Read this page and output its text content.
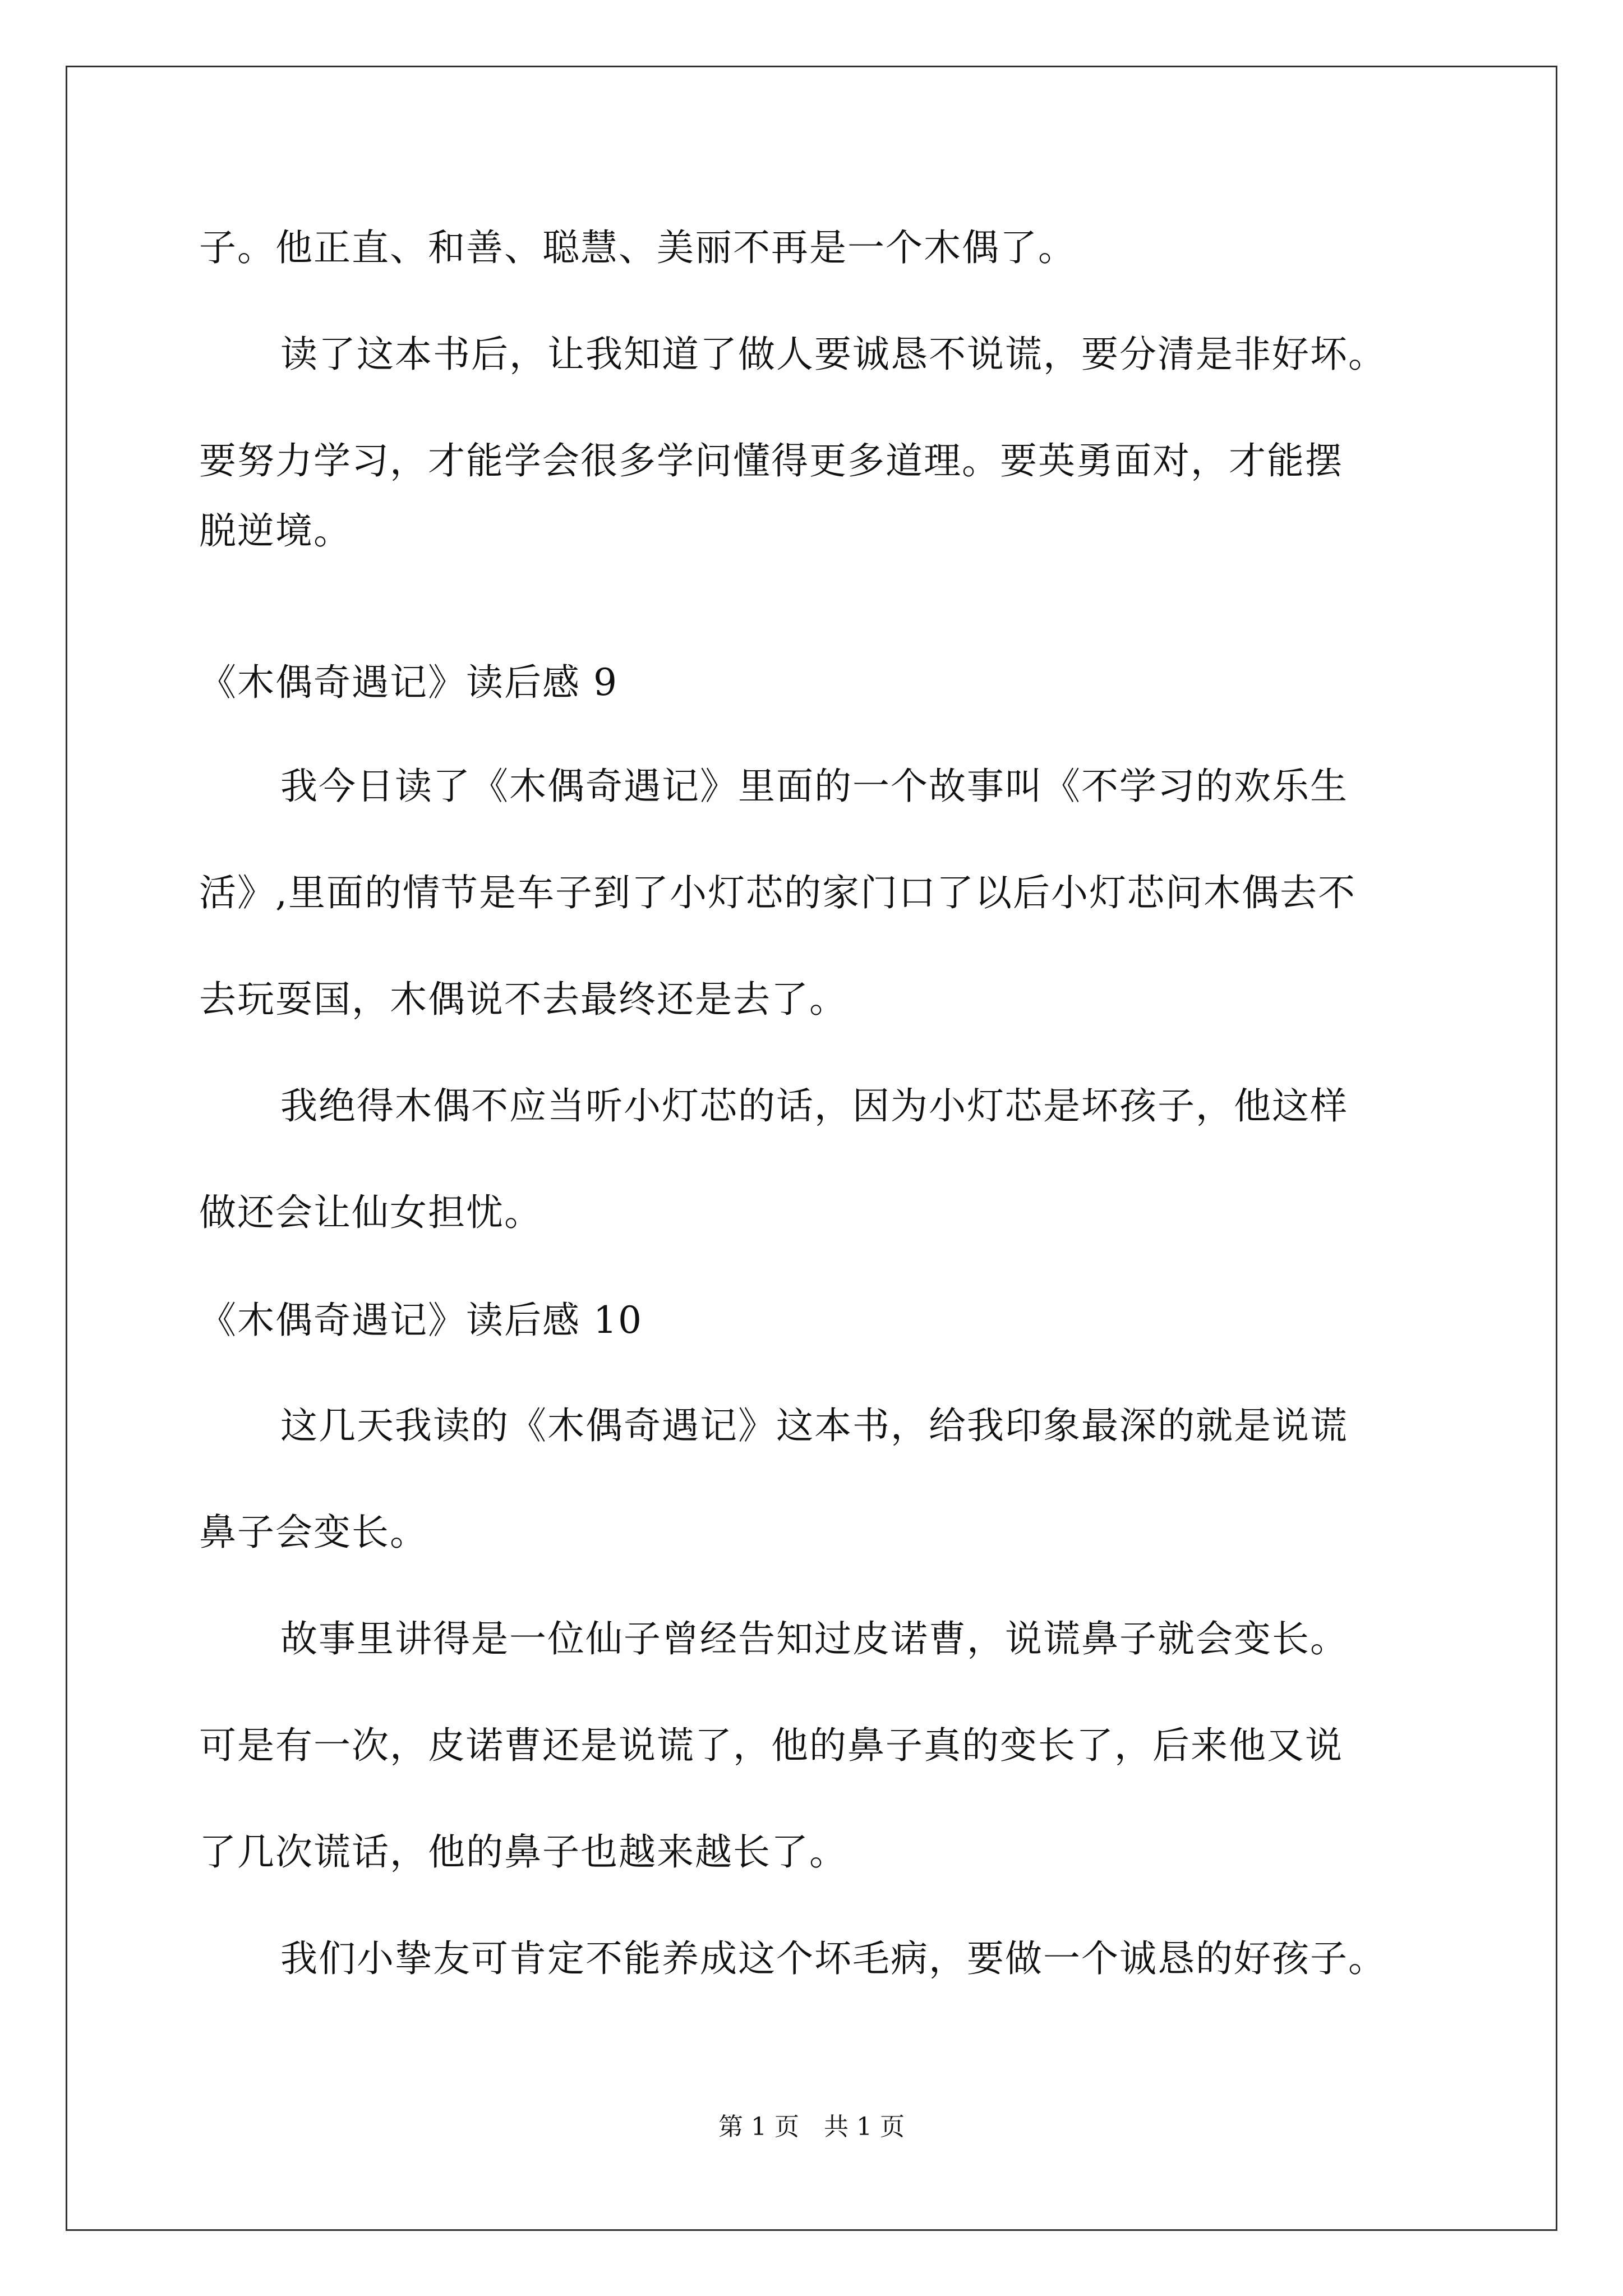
子。他正直、和善、聪慧、美丽不再是一个木偶了。
读了这本书后，让我知道了做人要诚恳不说谎，要分清是非好坏。
要努力学习，才能学会很多学问懂得更多道理。要英勇面对，才能摆
脱逆境。
《木偶奇遇记》读后感 9
我今日读了《木偶奇遇记》里面的一个故事叫《不学习的欢乐生
活》,里面的情节是车子到了小灯芯的家门口了以后小灯芯问木偶去不
去玩耍国，木偶说不去最终还是去了。
我绝得木偶不应当听小灯芯的话，因为小灯芯是坏孩子，他这样
做还会让仙女担忧。
《木偶奇遇记》读后感 10
这几天我读的《木偶奇遇记》这本书，给我印象最深的就是说谎
鼻子会变长。
故事里讲得是一位仙子曾经告知过皮诺曹，说谎鼻子就会变长。
可是有一次，皮诺曹还是说谎了，他的鼻子真的变长了，后来他又说
了几次谎话，他的鼻子也越来越长了。
我们小挚友可肯定不能养成这个坏毛病，要做一个诚恳的好孩子。
第 1 页　共 1 页
